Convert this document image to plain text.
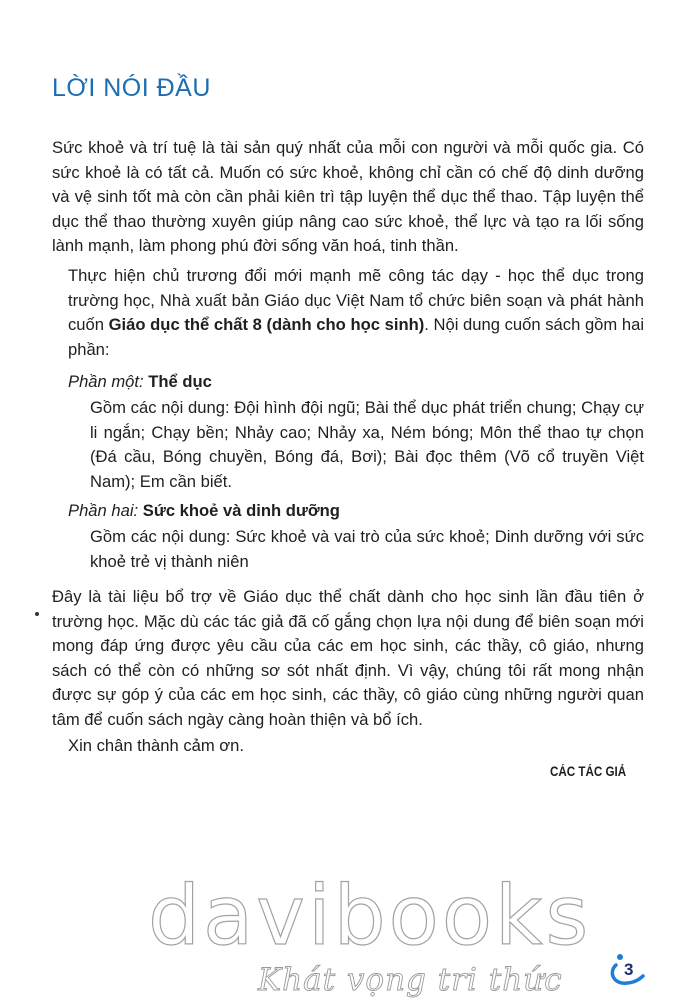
LỜI NÓI ĐẦU

Sức khoẻ và trí tuệ là tài sản quý nhất của mỗi con người và mỗi quốc gia. Có sức khoẻ là có tất cả. Muốn có sức khoẻ, không chỉ cần có chế độ dinh dưỡng và vệ sinh tốt mà còn cần phải kiên trì tập luyện thể dục thể thao. Tập luyện thể dục thể thao thường xuyên giúp nâng cao sức khoẻ, thể lực và tạo ra lối sống lành mạnh, làm phong phú đời sống văn hoá, tinh thần.

Thực hiện chủ trương đổi mới mạnh mẽ công tác dạy - học thể dục trong trường học, Nhà xuất bản Giáo dục Việt Nam tổ chức biên soạn và phát hành cuốn Giáo dục thể chất 8 (dành cho học sinh). Nội dung cuốn sách gồm hai phần:

Phần một: Thể dục

Gồm các nội dung: Đội hình đội ngũ; Bài thể dục phát triển chung; Chạy cự li ngắn; Chạy bền; Nhảy cao; Nhảy xa, Ném bóng; Môn thể thao tự chọn (Đá cầu, Bóng chuyền, Bóng đá, Bơi); Bài đọc thêm (Võ cổ truyền Việt Nam); Em cần biết.

Phần hai: Sức khoẻ và dinh dưỡng

Gồm các nội dung: Sức khoẻ và vai trò của sức khoẻ; Dinh dưỡng với sức khoẻ trẻ vị thành niên

Đây là tài liệu bổ trợ về Giáo dục thể chất dành cho học sinh lần đầu tiên ở trường học. Mặc dù các tác giả đã cố gắng chọn lựa nội dung để biên soạn mới mong đáp ứng được yêu cầu của các em học sinh, các thầy, cô giáo, nhưng sách có thể còn có những sơ sót nhất định. Vì vậy, chúng tôi rất mong nhận được sự góp ý của các em học sinh, các thầy, cô giáo cùng những người quan tâm để cuốn sách ngày càng hoàn thiện và bổ ích.

Xin chân thành cảm ơn.

CÁC TÁC GIẢ

davibooks
Khát vọng tri thức	3
